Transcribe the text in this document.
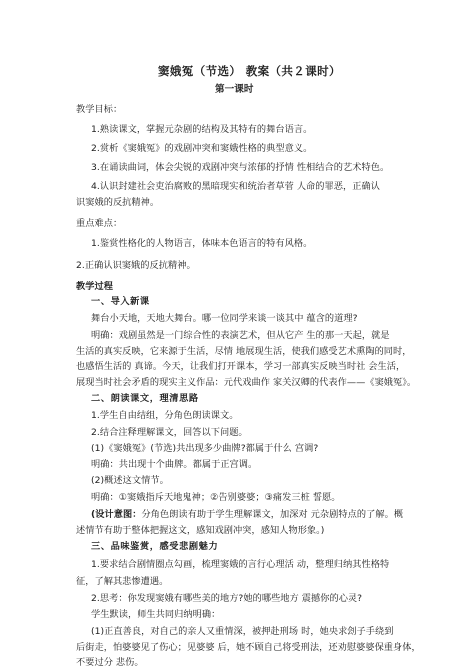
窦娥冤（节选） 教案（共２课时）
第一课时
教学目标：
1.熟读课文，掌握元杂剧的结构及其特有的舞台语言。
2.赏析《窦娥冤》的戏剧冲突和窦娥性格的典型意义。
3.在诵读曲词，体会尖锐的戏剧冲突与浓郁的抒情 性相结合的艺术特色。
4.认识封建社会吏治腐败的黑暗现实和统治者草菅 人命的罪恶，正确认
识窦娥的反抗精神。
重点难点：
1.鉴赏性格化的人物语言，体味本色语言的特有风格。
2.正确认识窦娥的反抗精神。
教学过程
一、导入新课
舞台小天地，天地大舞台。哪一位同学来谈一谈其中 蕴含的道理?
明确：戏剧虽然是一门综合性的表演艺术，但从它产 生的那一天起，就是
生活的真实反映，它来源于生活，尽情 地展现生活，使我们感受艺术熏陶的同时，
也感悟生活的 真谛。今天，让我们打开课本，学习一部真实反映当时社 会生活，
展现当时社会矛盾的现实主义作品：元代戏曲作 家关汉卿的代表作——《窦娥冤》。
二、朗读课文，理清思路
1.学生自由结组，分角色朗读课文。
2.结合注释理解课文，回答以下问题。
(1)《窦娥冤》(节选)共出现多少曲牌?都属于什么 宫调?
明确：共出现十个曲牌。都属于正宫调。
(2)概述这文情节。
明确：①窦娥指斥天地鬼神；②告别婆婆；③痛发三桩 誓愿。
(设计意图：分角色朗读有助于学生理解课文，加深对 元杂剧特点的了解。概
述情节有助于整体把握这文，感知戏剧冲突，感知人物形象。)
三、品味鉴赏，感受悲剧魅力
1.要求结合剧情圈点勾画，梳理窦娥的言行心理活 动，整理归纳其性格特
征，了解其悲惨遭遇。
2.思考：你发现窦娥有哪些美的地方?她的哪些地方 震撼你的心灵?
学生默读，师生共同归纳明确：
(1)正直善良，对自己的亲人又重情深，被押赴刑场 时，她央求刽子手绕到
后街走，怕婆婆见了伤心；见婆婆 后，她不顾自己将受刑法，还劝慰婆婆保重身体，
不要过分 悲伤。
